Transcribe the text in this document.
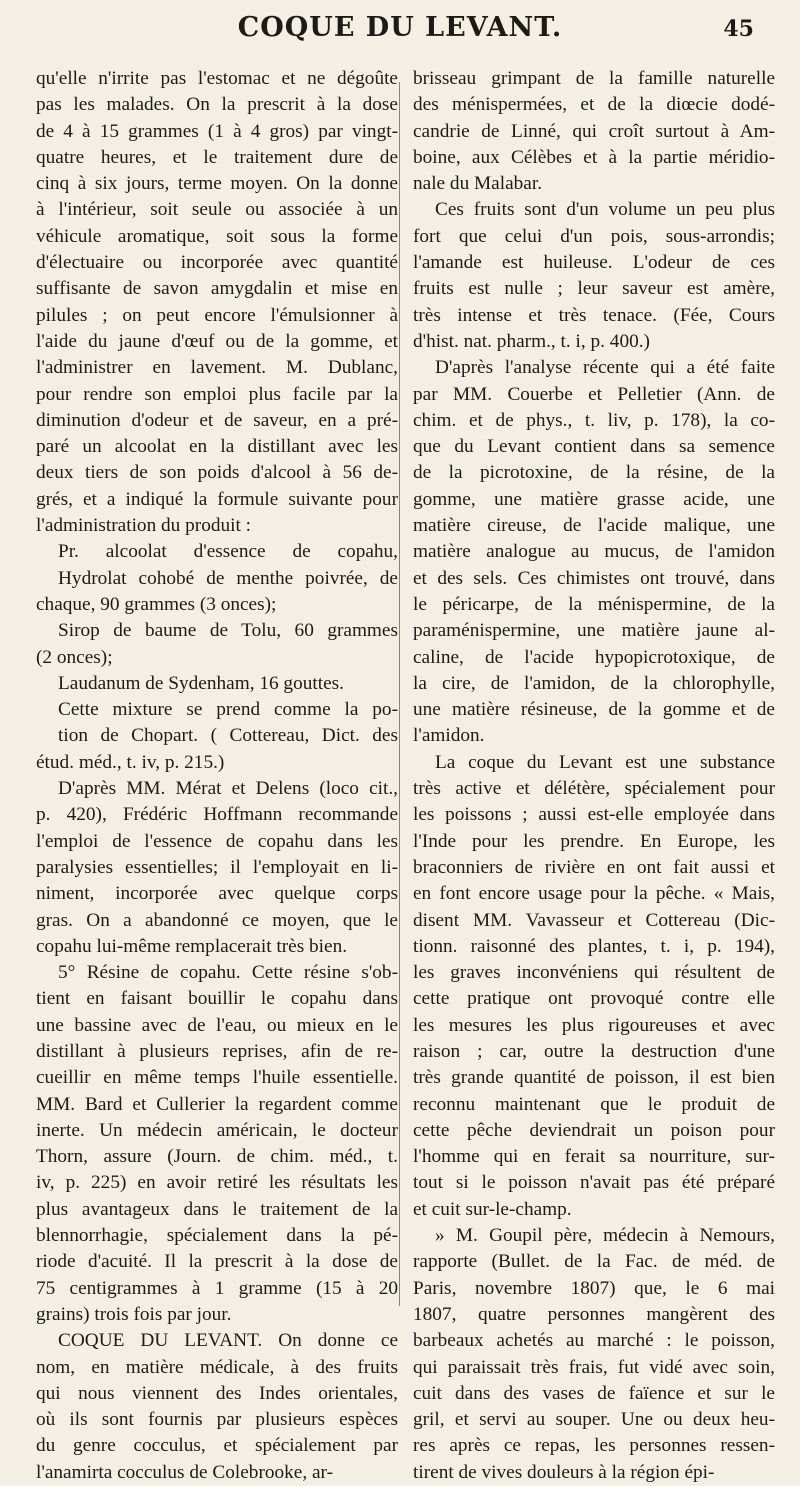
COQUE DU LEVANT.	45
qu'elle n'irrite pas l'estomac et ne dégoûte
pas les malades. On la prescrit à la dose
de 4 à 15 grammes (1 à 4 gros) par vingt-
quatre heures, et le traitement dure de
cinq à six jours, terme moyen. On la donne
à l'intérieur, soit seule ou associée à un
véhicule aromatique, soit sous la forme
d'électuaire ou incorporée avec quantité
suffisante de savon amygdalin et mise en
pilules ; on peut encore l'émulsionner à
l'aide du jaune d'œuf ou de la gomme, et
l'administrer en lavement. M. Dublanc,
pour rendre son emploi plus facile par la
diminution d'odeur et de saveur, en a pré-
paré un alcoolat en la distillant avec les
deux tiers de son poids d'alcool à 56 de-
grés, et a indiqué la formule suivante pour
l'administration du produit :
Pr. alcoolat d'essence de copahu,
Hydrolat cohobé de menthe poivrée, de
chaque, 90 grammes (3 onces);
Sirop de baume de Tolu, 60 grammes
(2 onces);
Laudanum de Sydenham, 16 gouttes.
Cette mixture se prend comme la po-
tion de Chopart. ( Cottereau, Dict. des
étud. méd., t. iv, p. 215.)
D'après MM. Mérat et Delens (loco cit.,
p. 420), Frédéric Hoffmann recommande
l'emploi de l'essence de copahu dans les
paralysies essentielles; il l'employait en li-
niment, incorporée avec quelque corps
gras. On a abandonné ce moyen, que le
copahu lui-même remplacerait très bien.
5° Résine de copahu. Cette résine s'ob-
tient en faisant bouillir le copahu dans
une bassine avec de l'eau, ou mieux en le
distillant à plusieurs reprises, afin de re-
cueillir en même temps l'huile essentielle.
MM. Bard et Cullerier la regardent comme
inerte. Un médecin américain, le docteur
Thorn, assure (Journ. de chim. méd., t.
iv, p. 225) en avoir retiré les résultats les
plus avantageux dans le traitement de la
blennorrhagie, spécialement dans la pé-
riode d'acuité. Il la prescrit à la dose de
75 centigrammes à 1 gramme (15 à 20
grains) trois fois par jour.
COQUE DU LEVANT. On donne ce
nom, en matière médicale, à des fruits
qui nous viennent des Indes orientales,
où ils sont fournis par plusieurs espèces
du genre cocculus, et spécialement par
l'anamirta cocculus de Colebrooke, ar-
brisseau grimpant de la famille naturelle
des ménispermées, et de la diœcie dodé-
candrie de Linné, qui croît surtout à Am-
boine, aux Célèbes et à la partie méridio-
nale du Malabar.
Ces fruits sont d'un volume un peu plus
fort que celui d'un pois, sous-arrondis;
l'amande est huileuse. L'odeur de ces
fruits est nulle ; leur saveur est amère,
très intense et très tenace. (Fée, Cours
d'hist. nat. pharm., t. i, p. 400.)
D'après l'analyse récente qui a été faite
par MM. Couerbe et Pelletier (Ann. de
chim. et de phys., t. liv, p. 178), la co-
que du Levant contient dans sa semence
de la picrotoxine, de la résine, de la
gomme, une matière grasse acide, une
matière cireuse, de l'acide malique, une
matière analogue au mucus, de l'amidon
et des sels. Ces chimistes ont trouvé, dans
le péricarpe, de la ménispermine, de la
paraménispermine, une matière jaune al-
caline, de l'acide hypopicrotoxique, de
la cire, de l'amidon, de la chlorophylle,
une matière résineuse, de la gomme et de
l'amidon.
La coque du Levant est une substance
très active et délétère, spécialement pour
les poissons ; aussi est-elle employée dans
l'Inde pour les prendre. En Europe, les
braconniers de rivière en ont fait aussi et
en font encore usage pour la pêche. « Mais,
disent MM. Vavasseur et Cottereau (Dic-
tionn. raisonné des plantes, t. i, p. 194),
les graves inconvéniens qui résultent de
cette pratique ont provoqué contre elle
les mesures les plus rigoureuses et avec
raison ; car, outre la destruction d'une
très grande quantité de poisson, il est bien
reconnu maintenant que le produit de
cette pêche deviendrait un poison pour
l'homme qui en ferait sa nourriture, sur-
tout si le poisson n'avait pas été préparé
et cuit sur-le-champ.
» M. Goupil père, médecin à Nemours,
rapporte (Bullet. de la Fac. de méd. de
Paris, novembre 1807) que, le 6 mai
1807, quatre personnes mangèrent des
barbeaux achetés au marché : le poisson,
qui paraissait très frais, fut vidé avec soin,
cuit dans des vases de faïence et sur le
gril, et servi au souper. Une ou deux heu-
res après ce repas, les personnes ressen-
tirent de vives douleurs à la région épi-
